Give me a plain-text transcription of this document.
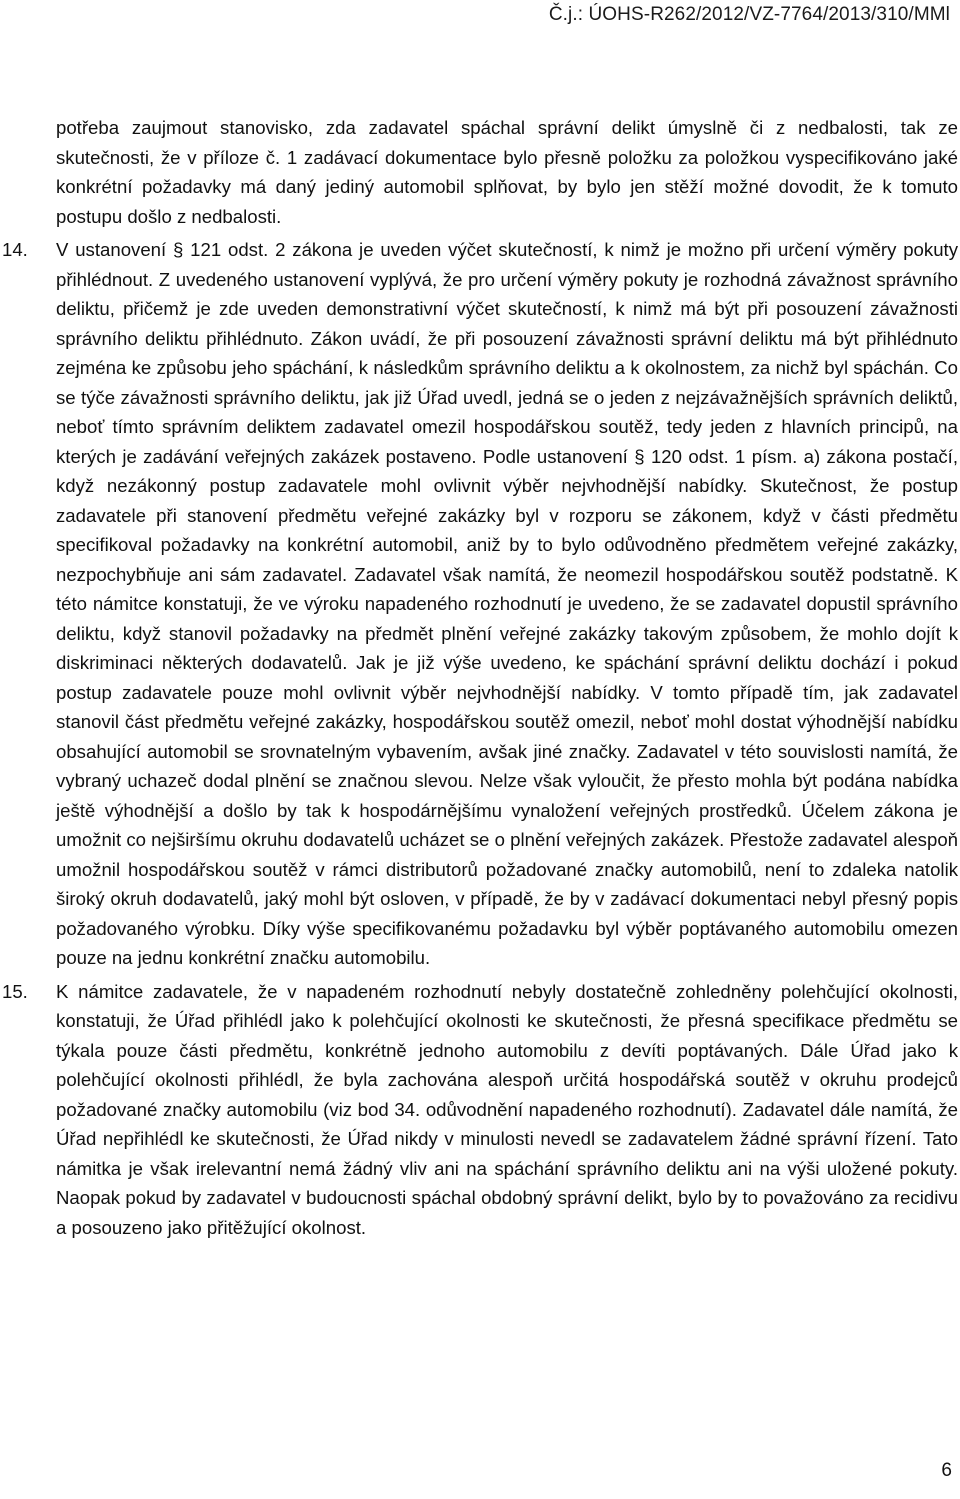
Č.j.: ÚOHS-R262/2012/VZ-7764/2013/310/MMl

potřeba zaujmout stanovisko, zda zadavatel spáchal správní delikt úmyslně či z nedbalosti, tak ze skutečnosti, že v příloze č. 1 zadávací dokumentace bylo přesně položku za položkou vyspecifikováno jaké konkrétní požadavky má daný jediný automobil splňovat, by bylo jen stěží možné dovodit, že k tomuto postupu došlo z nedbalosti.

14. V ustanovení § 121 odst. 2 zákona je uveden výčet skutečností, k nimž je možno při určení výměry pokuty přihlédnout. Z uvedeného ustanovení vyplývá, že pro určení výměry pokuty je rozhodná závažnost správního deliktu, přičemž je zde uveden demonstrativní výčet skutečností, k nimž má být při posouzení závažnosti správního deliktu přihlédnuto. Zákon uvádí, že při posouzení závažnosti správní deliktu má být přihlédnuto zejména ke způsobu jeho spáchání, k následkům správního deliktu a k okolnostem, za nichž byl spáchán. Co se týče závažnosti správního deliktu, jak již Úřad uvedl, jedná se o jeden z nejzávažnějších správních deliktů, neboť tímto správním deliktem zadavatel omezil hospodářskou soutěž, tedy jeden z hlavních principů, na kterých je zadávání veřejných zakázek postaveno. Podle ustanovení § 120 odst. 1 písm. a) zákona postačí, když nezákonný postup zadavatele mohl ovlivnit výběr nejvhodnější nabídky. Skutečnost, že postup zadavatele při stanovení předmětu veřejné zakázky byl v rozporu se zákonem, když v části předmětu specifikoval požadavky na konkrétní automobil, aniž by to bylo odůvodněno předmětem veřejné zakázky, nezpochybňuje ani sám zadavatel. Zadavatel však namítá, že neomezil hospodářskou soutěž podstatně. K této námitce konstatuji, že ve výroku napadeného rozhodnutí je uvedeno, že se zadavatel dopustil správního deliktu, když stanovil požadavky na předmět plnění veřejné zakázky takovým způsobem, že mohlo dojít k diskriminaci některých dodavatelů. Jak je již výše uvedeno, ke spáchání správní deliktu dochází i pokud postup zadavatele pouze mohl ovlivnit výběr nejvhodnější nabídky. V tomto případě tím, jak zadavatel stanovil část předmětu veřejné zakázky, hospodářskou soutěž omezil, neboť mohl dostat výhodnější nabídku obsahující automobil se srovnatelným vybavením, avšak jiné značky. Zadavatel v této souvislosti namítá, že vybraný uchazeč dodal plnění se značnou slevou. Nelze však vyloučit, že přesto mohla být podána nabídka ještě výhodnější a došlo by tak k hospodárnějšímu vynaložení veřejných prostředků. Účelem zákona je umožnit co nejširšímu okruhu dodavatelů ucházet se o plnění veřejných zakázek. Přestože zadavatel alespoň umožnil hospodářskou soutěž v rámci distributorů požadované značky automobilů, není to zdaleka natolik široký okruh dodavatelů, jaký mohl být osloven, v případě, že by v zadávací dokumentaci nebyl přesný popis požadovaného výrobku. Díky výše specifikovanému požadavku byl výběr poptávaného automobilu omezen pouze na jednu konkrétní značku automobilu.

15. K námitce zadavatele, že v napadeném rozhodnutí nebyly dostatečně zohledněny polehčující okolnosti, konstatuji, že Úřad přihlédl jako k polehčující okolnosti ke skutečnosti, že přesná specifikace předmětu se týkala pouze části předmětu, konkrétně jednoho automobilu z devíti poptávaných. Dále Úřad jako k polehčující okolnosti přihlédl, že byla zachována alespoň určitá hospodářská soutěž v okruhu prodejců požadované značky automobilu (viz bod 34. odůvodnění napadeného rozhodnutí). Zadavatel dále namítá, že Úřad nepřihlédl ke skutečnosti, že Úřad nikdy v minulosti nevedl se zadavatelem žádné správní řízení. Tato námitka je však irelevantní nemá žádný vliv ani na spáchání správního deliktu ani na výši uložené pokuty. Naopak pokud by zadavatel v budoucnosti spáchal obdobný správní delikt, bylo by to považováno za recidivu a posouzeno jako přitěžující okolnost.

6
